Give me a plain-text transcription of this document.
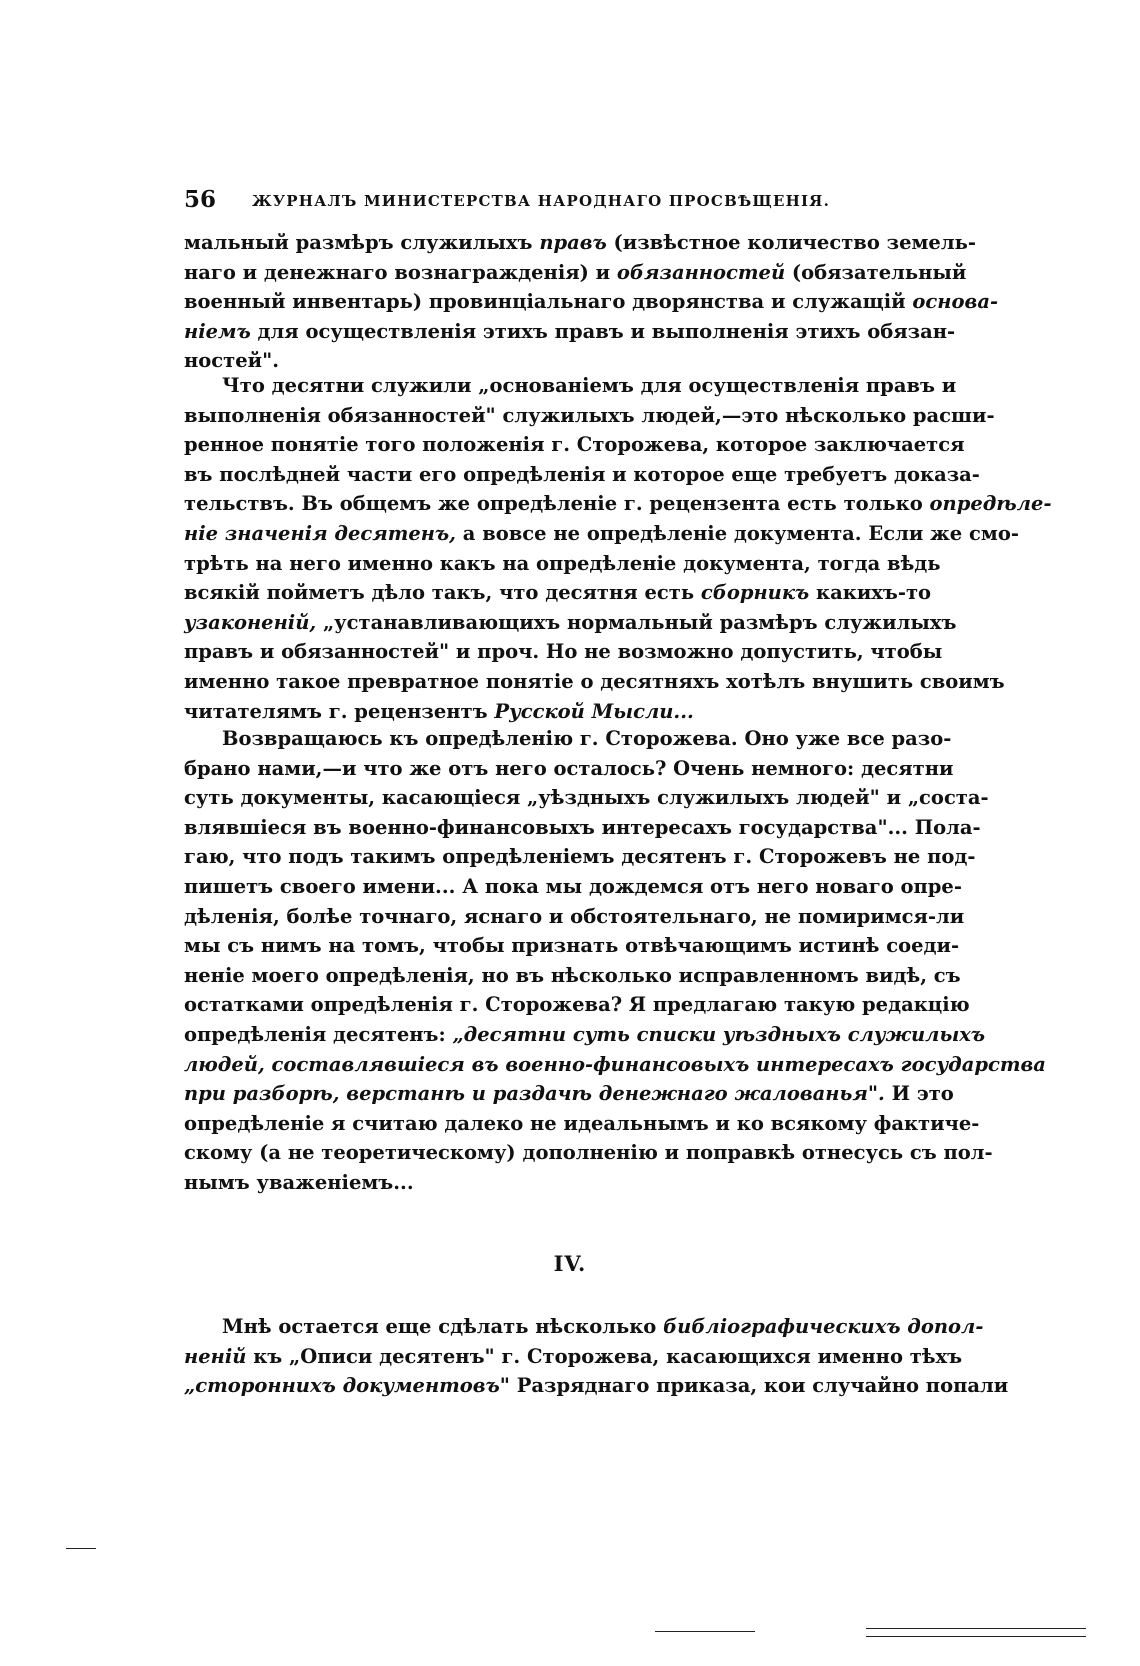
56 ЖУРНАЛЪ МИНИСТЕРСТВА НАРОДНАГО ПРОСВѢЩЕНІЯ.
мальный размѣръ служилыхъ правъ (извѣстное количество земель-
наго и денежнаго вознагражденія) и обязанностей (обязательный
военный инвентарь) провинціальнаго дворянства и служащій основа-
ніемъ для осуществленія этихъ правъ и выполненія этихъ обязан-
ностей".
Что десятни служили „основаніемъ для осуществленія правъ и
выполненія обязанностей" служилыхъ людей,—это нѣсколько расши-
ренное понятіе того положенія г. Сторожева, которое заключается
въ послѣдней части его опредѣленія и которое еще требуетъ доказа-
тельствъ. Въ общемъ же опредѣленіе г. рецензента есть только опредѣле-
ніе значенія десятенъ, а вовсе не опредѣленіе документа. Если же смо-
трѣть на него именно какъ на опредѣленіе документа, тогда вѣдь
всякій пойметъ дѣло такъ, что десятня есть сборникъ какихъ-то
узаконеній, „устанавливающихъ нормальный размѣръ служилыхъ
правъ и обязанностей" и проч. Но не возможно допустить, чтобы
именно такое превратное понятіе о десятняхъ хотѣлъ внушить своимъ
читателямъ г. рецензентъ Русской Мысли...
Возвращаюсь къ опредѣленію г. Сторожева. Оно уже все разо-
брано нами,—и что же отъ него осталось? Очень немного: десятни
суть документы, касающіеся „уѣздныхъ служилыхъ людей" и „соста-
влявшіеся въ военно-финансовыхъ интересахъ государства"... Пола-
гаю, что подъ такимъ опредѣленіемъ десятенъ г. Сторожевъ не под-
пишетъ своего имени... А пока мы дождемся отъ него новаго опре-
дѣленія, болѣе точнаго, яснаго и обстоятельнаго, не помиримся-ли
мы съ нимъ на томъ, чтобы признать отвѣчающимъ истинѣ соеди-
неніе моего опредѣленія, но въ нѣсколько исправленномъ видѣ, съ
остатками опредѣленія г. Сторожева? Я предлагаю такую редакцію
опредѣленія десятенъ: „десятни суть списки уѣздныхъ служилыхъ
людей, составлявшіеся въ военно-финансовыхъ интересахъ государства
при разборѣ, верстанѣ и раздачѣ денежнаго жалованья". И это
опредѣленіе я считаю далеко не идеальнымъ и ко всякому фактиче-
скому (а не теоретическому) дополненію и поправкѣ отнесусь съ пол-
нымъ уваженіемъ...
IV.
Мнѣ остается еще сдѣлать нѣсколько библіографическихъ допол-
неній къ „Описи десятенъ" г. Сторожева, касающихся именно тѣхъ
„стороннихъ документовъ" Разряднаго приказа, кои случайно попали
